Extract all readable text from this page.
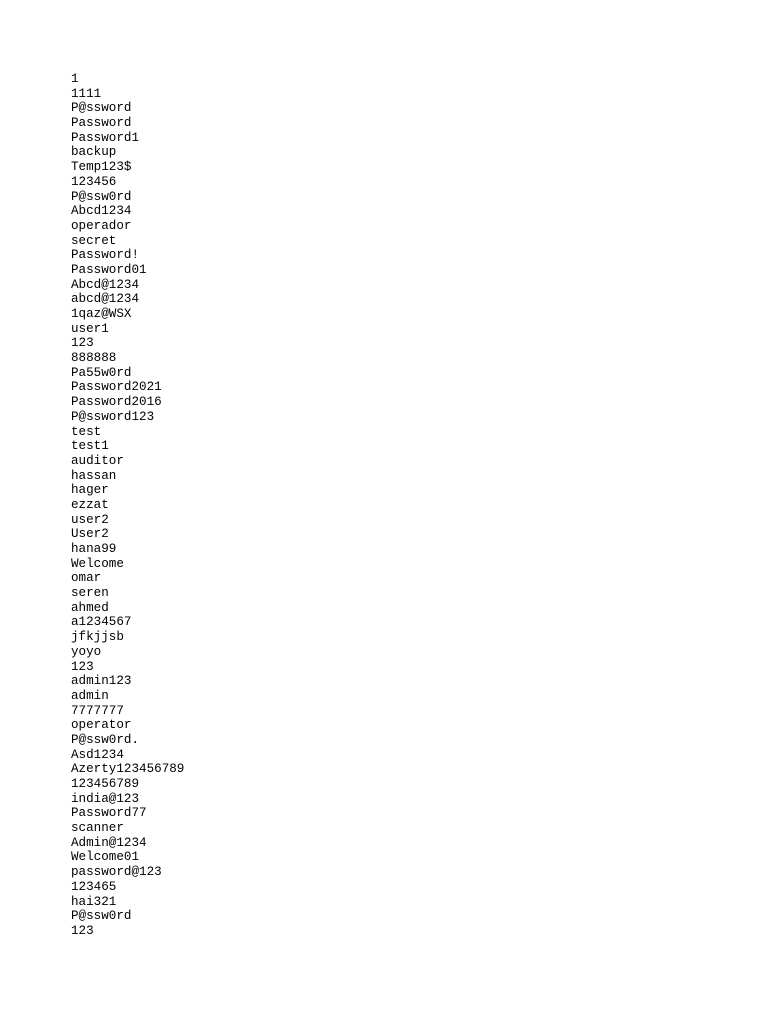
1
1111
P@ssword
Password
Password1
backup
Temp123$
123456
P@ssw0rd
Abcd1234
operador
secret
Password!
Password01
Abcd@1234
abcd@1234
1qaz@WSX
user1
123
888888
Pa55w0rd
Password2021
Password2016
P@ssword123
test
test1
auditor
hassan
hager
ezzat
user2
User2
hana99
Welcome
omar
seren
ahmed
a1234567
jfkjjsb
yoyo
123
admin123
admin
7777777
operator
P@ssw0rd.
Asd1234
Azerty123456789
123456789
india@123
Password77
scanner
Admin@1234
Welcome01
password@123
123465
hai321
P@ssw0rd
123
